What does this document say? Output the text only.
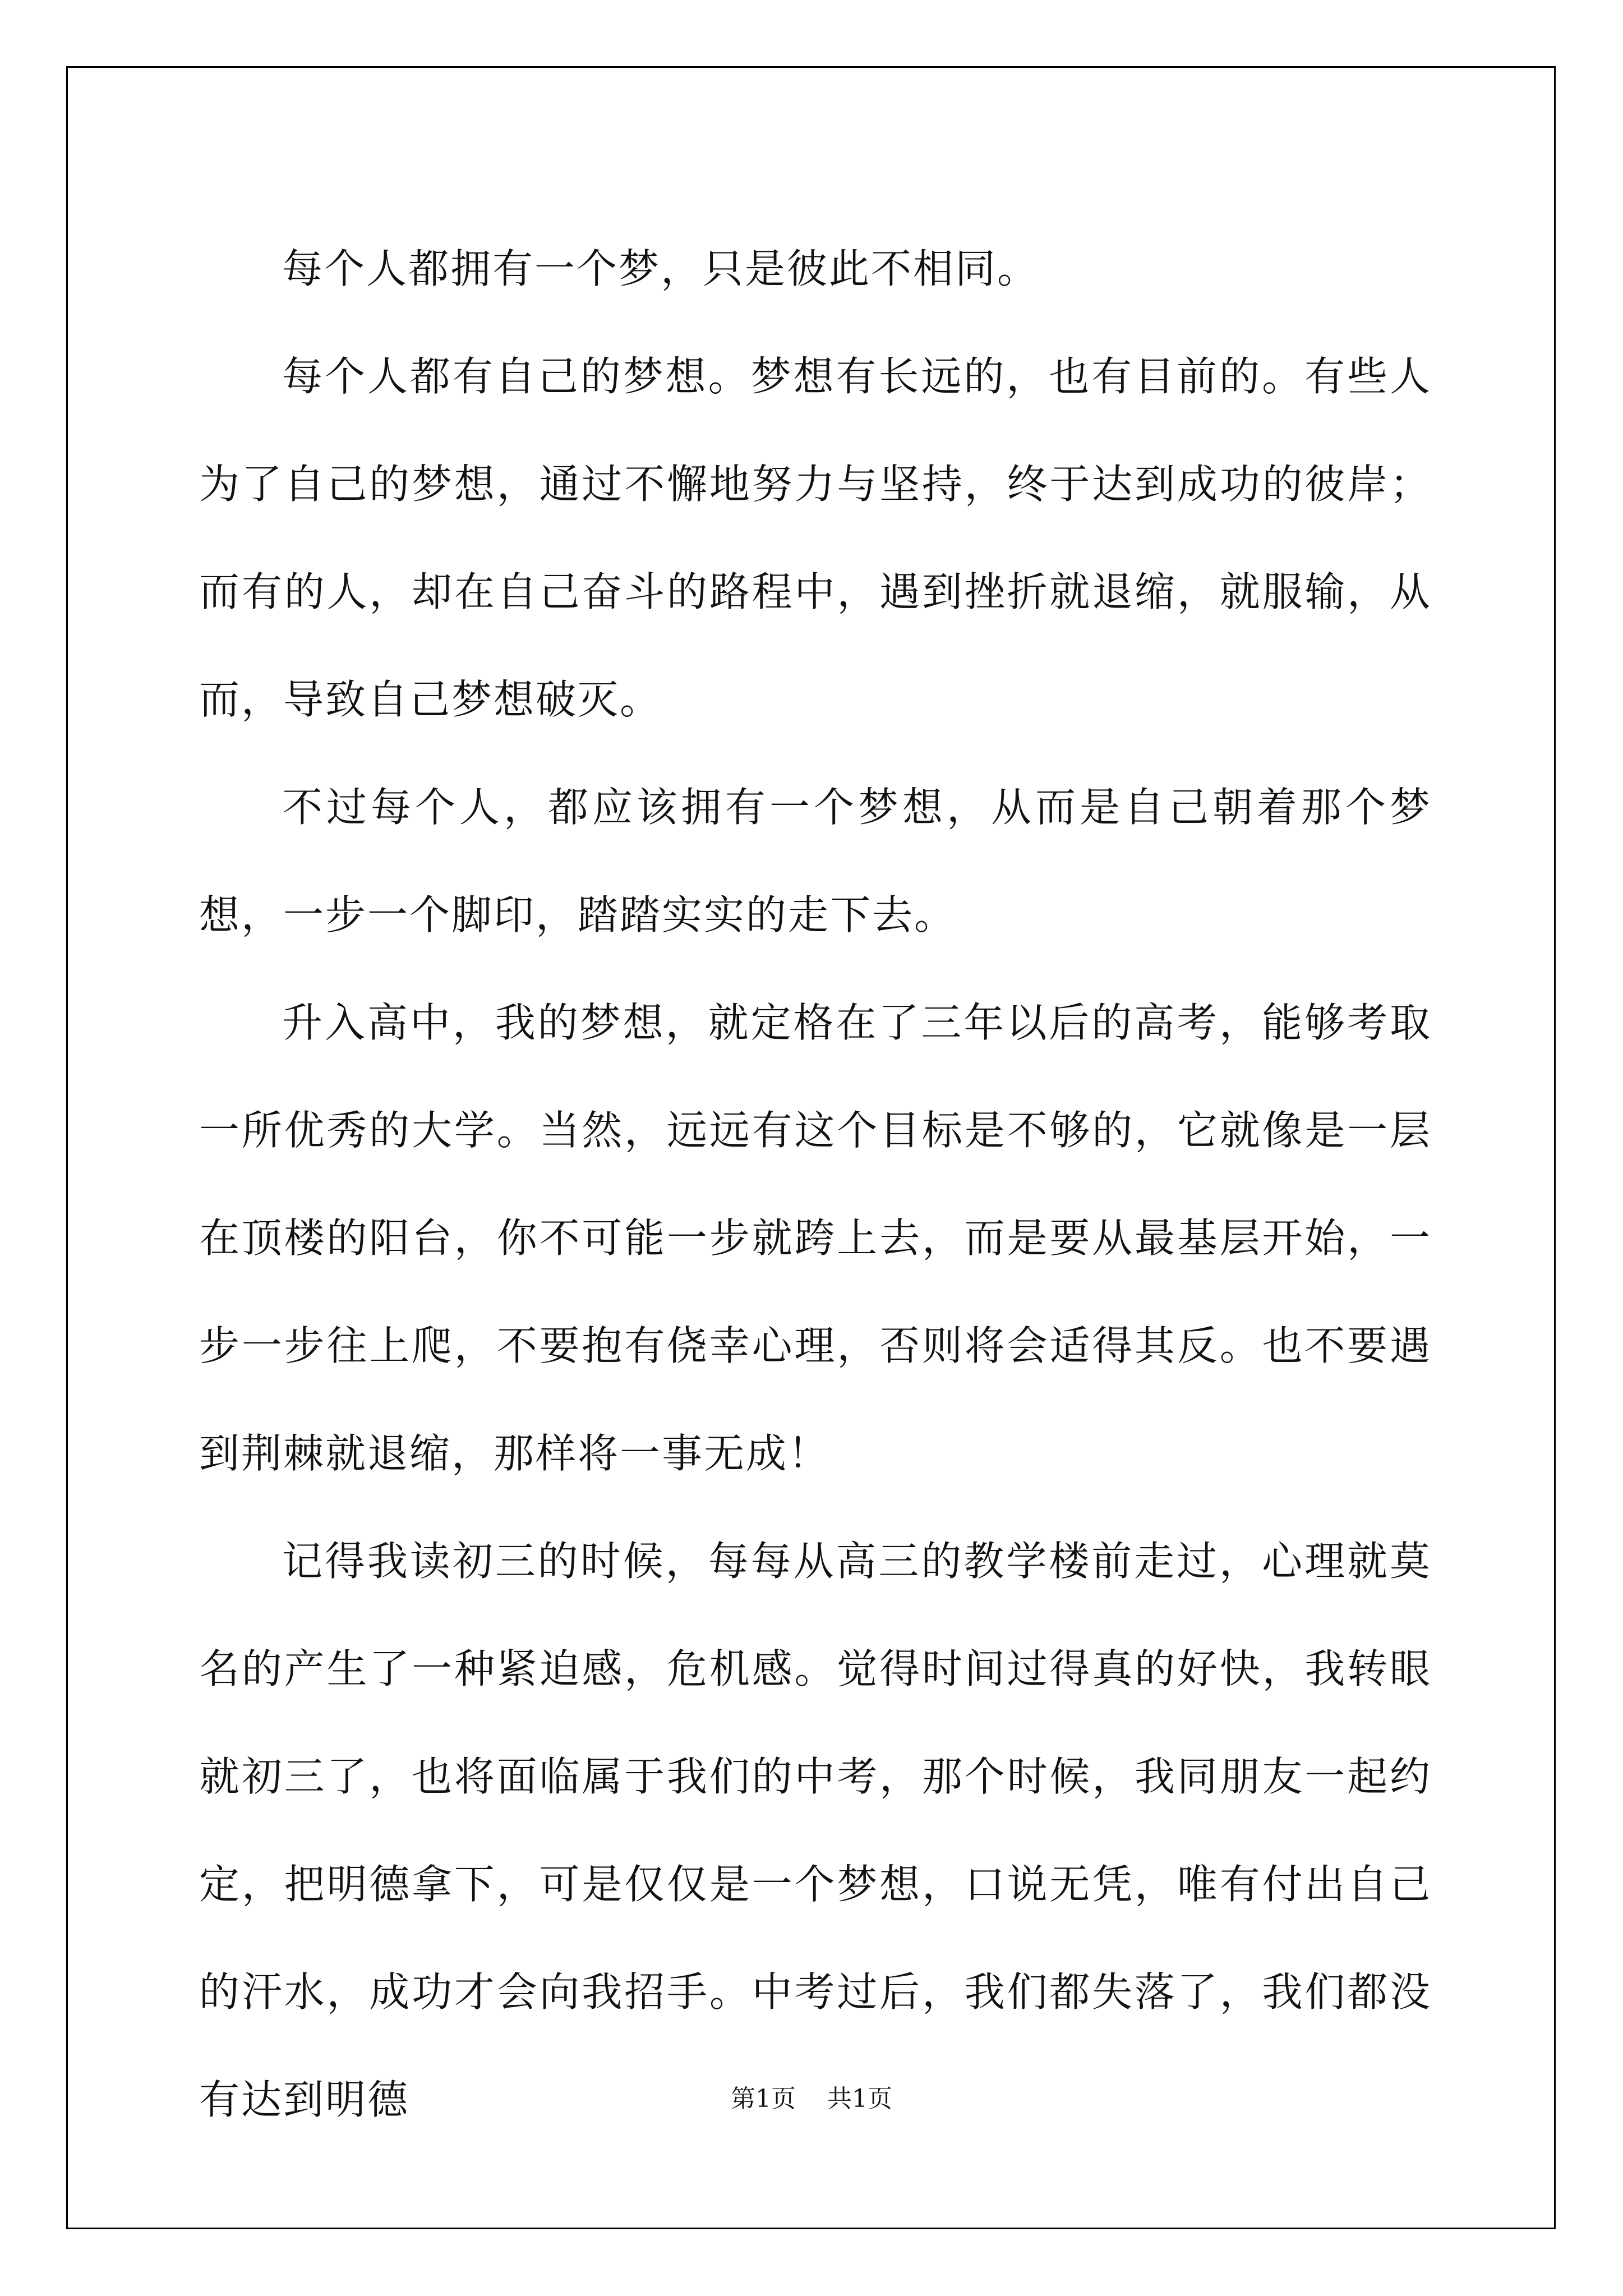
每个人都拥有一个梦，只是彼此不相同。

每个人都有自己的梦想。梦想有长远的，也有目前的。有些人为了自己的梦想，通过不懈地努力与坚持，终于达到成功的彼岸；而有的人，却在自己奋斗的路程中，遇到挫折就退缩，就服输，从而，导致自己梦想破灭。

不过每个人，都应该拥有一个梦想，从而是自己朝着那个梦想，一步一个脚印，踏踏实实的走下去。

升入高中，我的梦想，就定格在了三年以后的高考，能够考取一所优秀的大学。当然，远远有这个目标是不够的，它就像是一层在顶楼的阳台，你不可能一步就跨上去，而是要从最基层开始，一步一步往上爬，不要抱有侥幸心理，否则将会适得其反。也不要遇到荆棘就退缩，那样将一事无成！

记得我读初三的时候，每每从高三的教学楼前走过，心理就莫名的产生了一种紧迫感，危机感。觉得时间过得真的好快，我转眼就初三了，也将面临属于我们的中考，那个时候，我同朋友一起约定，把明德拿下，可是仅仅是一个梦想，口说无凭，唯有付出自己的汗水，成功才会向我招手。中考过后，我们都失落了，我们都没有达到明德	第1页 共1页
